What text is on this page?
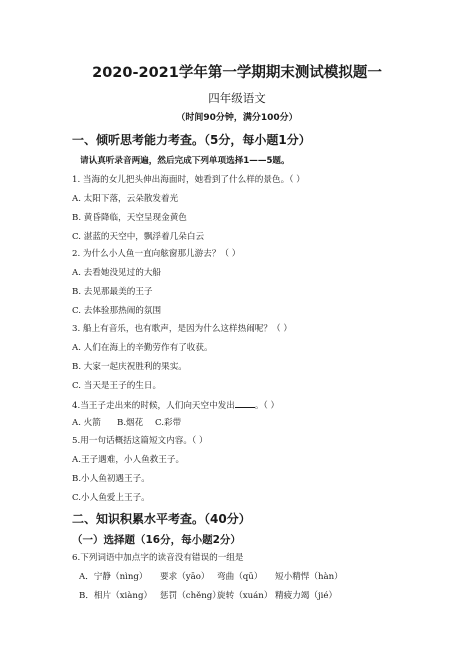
2020-2021学年第一学期期末测试模拟题一
四年级语文
（时间90分钟，满分100分）
一、倾听思考能力考查。（5分，每小题1分）
请认真听录音两遍，然后完成下列单项选择1——5题。
1. 当海的女儿把头伸出海面时，她看到了什么样的景色。（ ）
A. 太阳下落，云朵散发着光
B. 黄昏降临，天空呈现金黄色
C. 湛蓝的天空中，飘浮着几朵白云
2. 为什么小人鱼一直向舷窗那儿游去？（ ）
A. 去看她没见过的大船
B. 去见那最美的王子
C. 去体验那热闹的氛围
3. 船上有音乐，也有歌声，是因为什么这样热闹呢？（ ）
A. 人们在海上的辛勤劳作有了收获。
B. 大家一起庆祝胜利的果实。
C. 当天是王子的生日。
4.当王子走出来的时候，人们向天空中发出 。（ ）
A. 火箭 B.烟花 C.彩带
5.用一句话概括这篇短文内容。（ ）
A.王子遇难，小人鱼救王子。
B.小人鱼初遇王子。
C.小人鱼爱上王子。
二、知识积累水平考查。（40分）
（一）选择题（16分，每小题2分）
6.下列词语中加点字的读音没有错误的一组是
A．宁静（nìng） 要求（yāo） 弯曲（qū） 短小精悍（hàn）
B．相片（xiàng） 惩罚（chěng）
旋转（xuán） 精疲力竭（jié）
